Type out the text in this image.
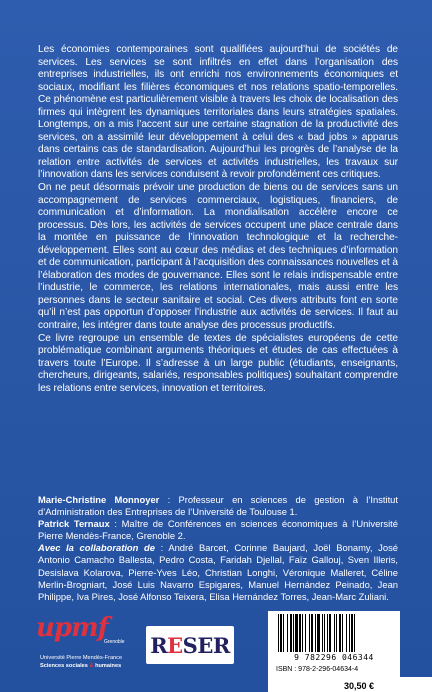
Les économies contemporaines sont qualifiées aujourd’hui de sociétés de services. Les services se sont infiltrés en effet dans l’organisation des entreprises industrielles, ils ont enrichi nos environnements économiques et sociaux, modifiant les filières économiques et nos relations spatio-temporelles. Ce phénomène est particulièrement visible à travers les choix de localisation des firmes qui intègrent les dynamiques territoriales dans leurs stratégies spatiales. Longtemps, on a mis l’accent sur une certaine stagnation de la productivité des services, on a assimilé leur développement à celui des « bad jobs » apparus dans certains cas de standardisation. Aujourd’hui les progrès de l’analyse de la relation entre activités de services et activités industrielles, les travaux sur l’innovation dans les services conduisent à revoir profondément ces critiques.

On ne peut désormais prévoir une production de biens ou de services sans un accompagnement de services commerciaux, logistiques, financiers, de communication et d’information. La mondialisation accélère encore ce processus. Dès lors, les activités de services occupent une place centrale dans la montée en puissance de l’innovation technologique et la recherche-développement. Elles sont au cœur des médias et des techniques d’information et de communication, participant à l’acquisition des connaissances nouvelles et à l’élaboration des modes de gouvernance. Elles sont le relais indispensable entre l’industrie, le commerce, les relations internationales, mais aussi entre les personnes dans le secteur sanitaire et social. Ces divers attributs font en sorte qu’il n’est pas opportun d’opposer l’industrie aux activités de services. Il faut au contraire, les intégrer dans toute analyse des processus productifs.

Ce livre regroupe un ensemble de textes de spécialistes européens de cette problématique combinant arguments théoriques et études de cas effectuées à travers toute l’Europe. Il s’adresse à un large public (étudiants, enseignants, chercheurs, dirigeants, salariés, responsables politiques) souhaitant comprendre les relations entre services, innovation et territoires.

Marie-Christine Monnoyer : Professeur en sciences de gestion à l’Institut d’Administration des Entreprises de l’Université de Toulouse 1.

Patrick Ternaux : Maître de Conférences en sciences économiques à l’Université Pierre Mendès-France, Grenoble 2.

Avec la collaboration de : André Barcet, Corinne Baujard, Joël Bonamy, José Antonio Camacho Ballesta, Pedro Costa, Faridah Djellal, Faïz Gallouj, Sven Illeris, Desislava Kolarova, Pierre-Yves Léo, Christian Longhi, Véronique Malleret, Céline Merlin-Brogniart, José Luis Navarro Espigares, Manuel Hernández Peinado, Jean Philippe, Iva Pires, José Alfonso Teixera, Elisa Hernández Torres, Jean-Marc Zuliani.

upmf
Grenoble
Université Pierre Mendès-France
Sciences sociales & humaines
R E SER	9 782296 046344
ISBN : 978-2-296-04634-4
30,50 €
